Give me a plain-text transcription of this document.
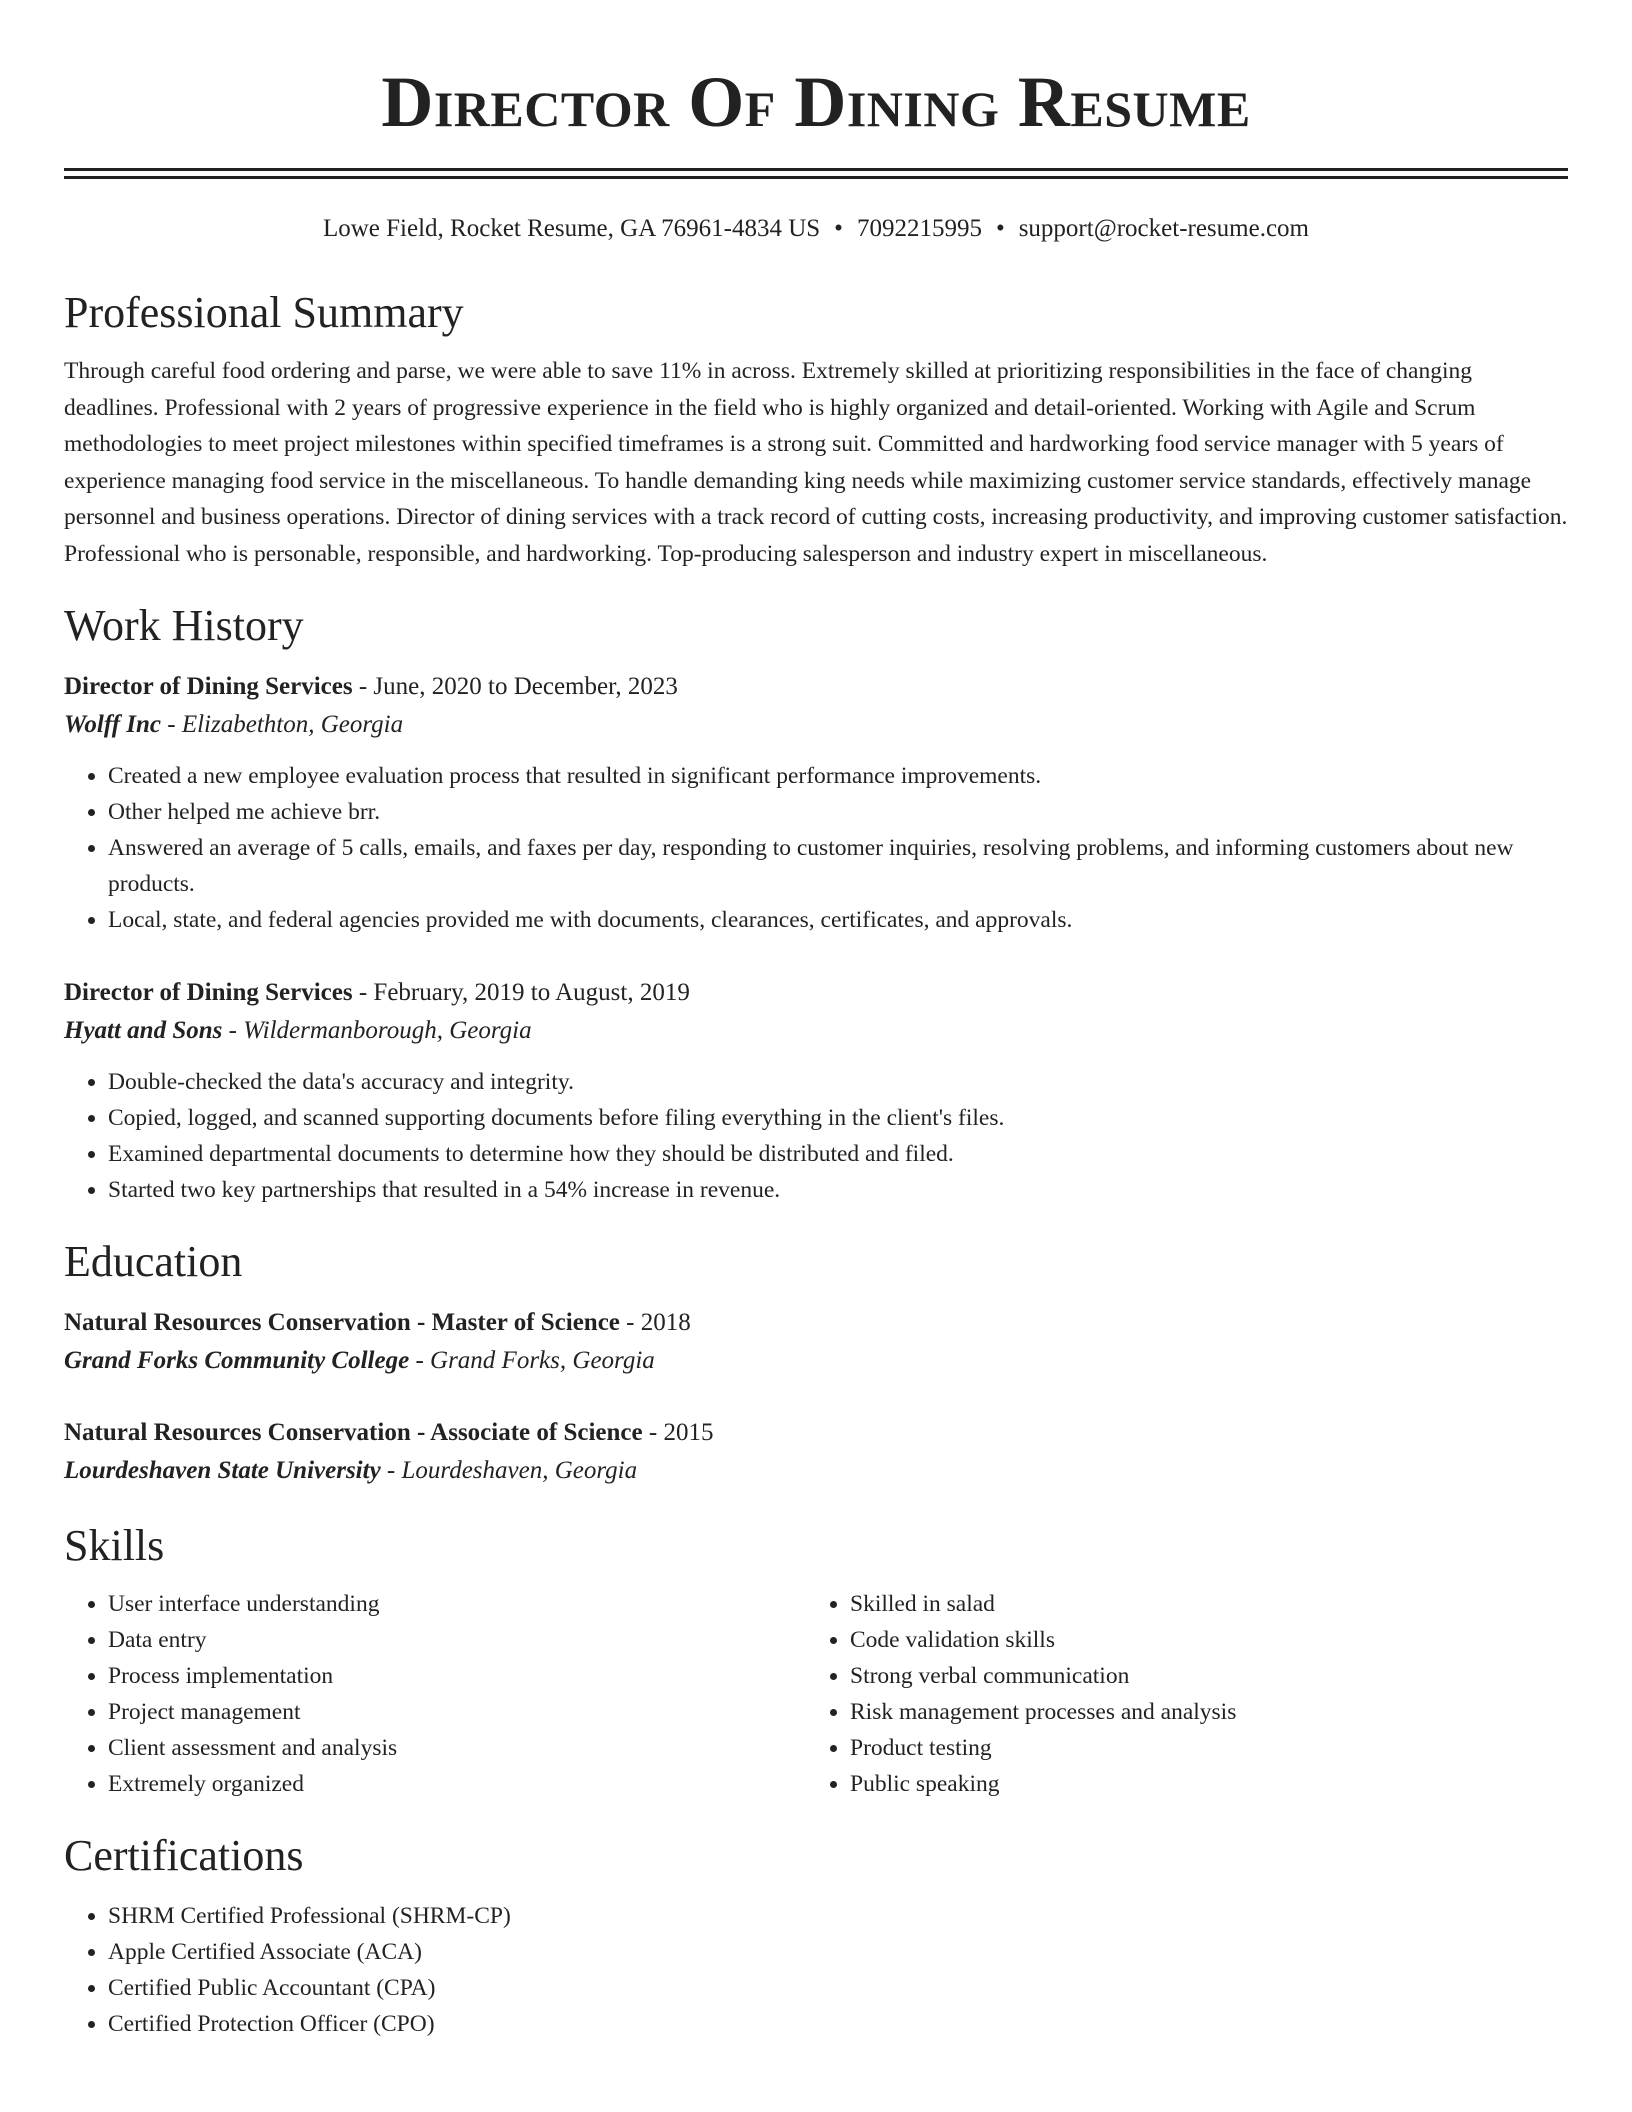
Director Of Dining Resume
Lowe Field, Rocket Resume, GA 76961-4834 US • 7092215995 • support@rocket-resume.com
Professional Summary

Through careful food ordering and parse, we were able to save 11% in across. Extremely skilled at prioritizing responsibilities in the face of changing deadlines. Professional with 2 years of progressive experience in the field who is highly organized and detail-oriented. Working with Agile and Scrum methodologies to meet project milestones within specified timeframes is a strong suit. Committed and hardworking food service manager with 5 years of experience managing food service in the miscellaneous. To handle demanding king needs while maximizing customer service standards, effectively manage personnel and business operations. Director of dining services with a track record of cutting costs, increasing productivity, and improving customer satisfaction. Professional who is personable, responsible, and hardworking. Top-producing salesperson and industry expert in miscellaneous.

Work History
Director of Dining Services - June, 2020 to December, 2023
Wolff Inc - Elizabethton, Georgia
• Created a new employee evaluation process that resulted in significant performance improvements.
• Other helped me achieve brr.
• Answered an average of 5 calls, emails, and faxes per day, responding to customer inquiries, resolving problems, and informing customers about new products.
• Local, state, and federal agencies provided me with documents, clearances, certificates, and approvals.
Director of Dining Services - February, 2019 to August, 2019
Hyatt and Sons - Wildermanborough, Georgia
• Double-checked the data's accuracy and integrity.
• Copied, logged, and scanned supporting documents before filing everything in the client's files.
• Examined departmental documents to determine how they should be distributed and filed.
• Started two key partnerships that resulted in a 54% increase in revenue.
Education
Natural Resources Conservation - Master of Science - 2018
Grand Forks Community College - Grand Forks, Georgia
Natural Resources Conservation - Associate of Science - 2015
Lourdeshaven State University - Lourdeshaven, Georgia
Skills
• User interface understanding
• Data entry
• Process implementation
• Project management
• Client assessment and analysis
• Extremely organized
• Skilled in salad
• Code validation skills
• Strong verbal communication
• Risk management processes and analysis
• Product testing
• Public speaking
Certifications
• SHRM Certified Professional (SHRM-CP)
• Apple Certified Associate (ACA)
• Certified Public Accountant (CPA)
• Certified Protection Officer (CPO)
